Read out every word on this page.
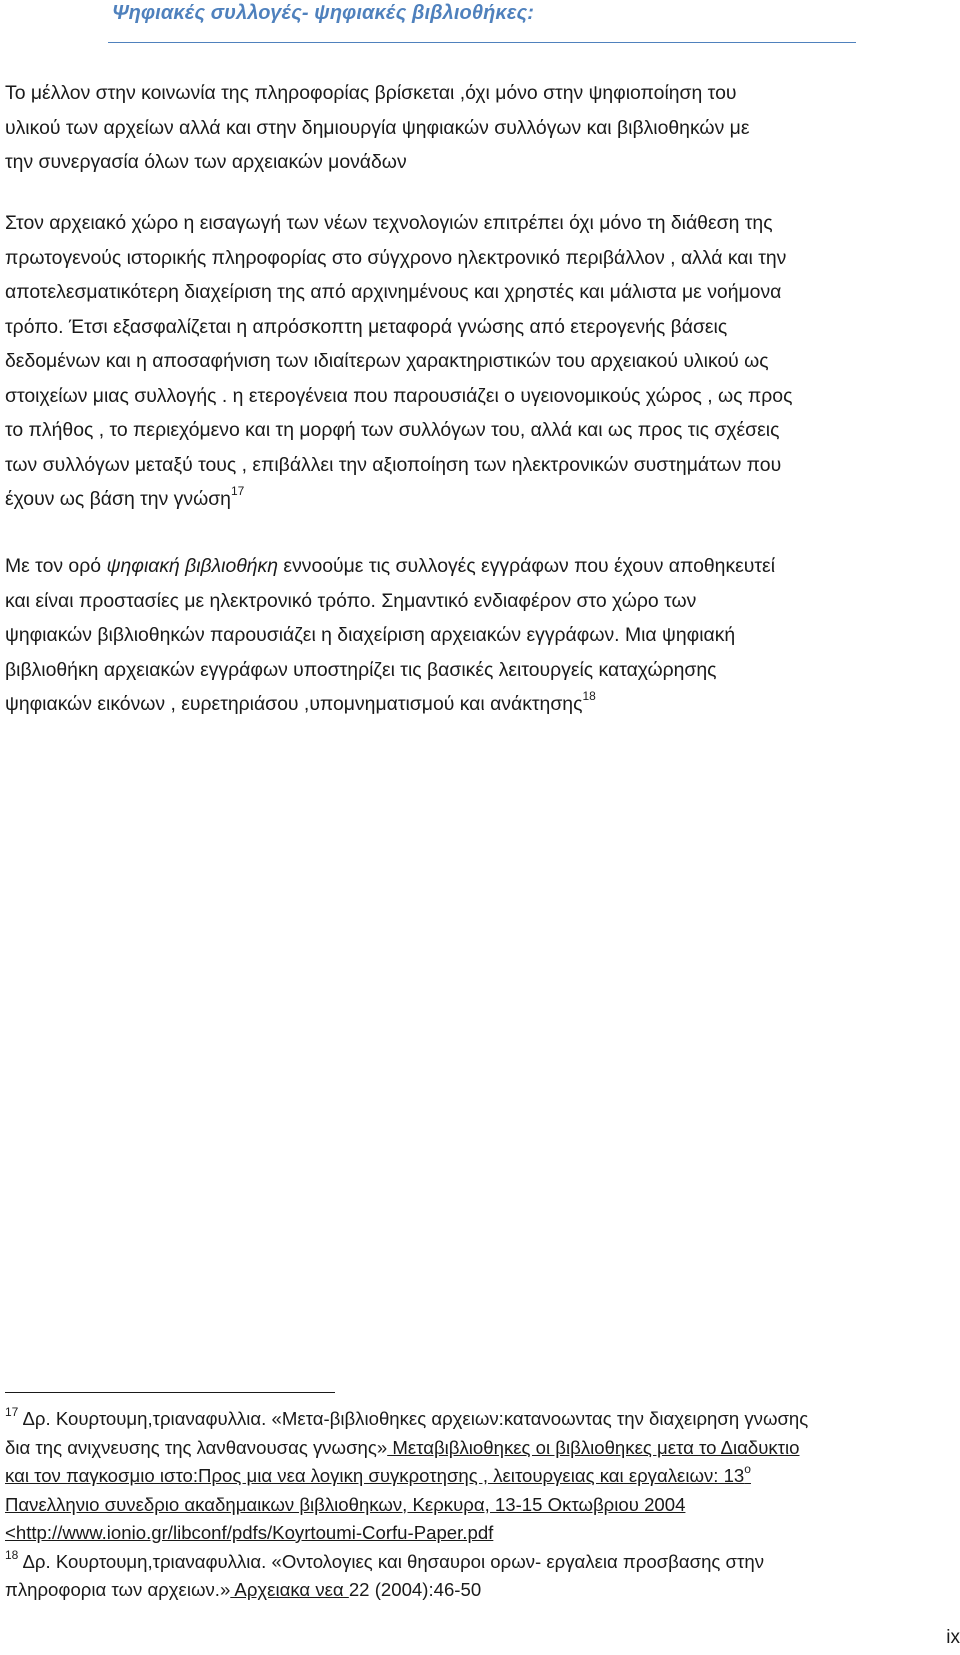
Ψηφιακές συλλογές- ψηφιακές βιβλιοθήκες:
Το μέλλον στην κοινωνία της πληροφορίας βρίσκεται ,όχι μόνο στην ψηφιοποίηση του
υλικού των αρχείων αλλά και στην δημιουργία ψηφιακών συλλόγων και βιβλιοθηκών με
την συνεργασία όλων των αρχειακών μονάδων
Στον αρχειακό χώρο η εισαγωγή των νέων τεχνολογιών επιτρέπει όχι μόνο τη διάθεση της
πρωτογενούς ιστορικής πληροφορίας στο σύγχρονο ηλεκτρονικό περιβάλλον , αλλά και την
αποτελεσματικότερη διαχείριση της από αρχινημένους και χρηστές και μάλιστα με νοήμονα
τρόπο. Έτσι εξασφαλίζεται η απρόσκοπτη μεταφορά γνώσης από ετερογενής βάσεις
δεδομένων και η αποσαφήνιση των ιδιαίτερων χαρακτηριστικών του αρχειακού υλικού ως
στοιχείων μιας συλλογής . η ετερογένεια που παρουσιάζει ο υγειονομικούς χώρος , ως προς
το πλήθος , το περιεχόμενο και τη μορφή των συλλόγων του, αλλά και ως προς τις σχέσεις
των συλλόγων μεταξύ τους , επιβάλλει την αξιοποίηση των ηλεκτρονικών συστημάτων που
έχουν ως βάση την γνώση$^{17}$
Με τον ορό ψηφιακή βιβλιοθήκη εννοούμε τις συλλογές εγγράφων που έχουν αποθηκευτεί
και είναι προστασίες με ηλεκτρονικό τρόπο. Σημαντικό ενδιαφέρον στο χώρο των
ψηφιακών βιβλιοθηκών παρουσιάζει η διαχείριση αρχειακών εγγράφων. Μια ψηφιακή
βιβλιοθήκη αρχειακών εγγράφων υποστηρίζει τις βασικές λειτουργείς καταχώρησης
ψηφιακών εικόνων , ευρετηριάσου ,υπομνηματισμού και ανάκτησης$^{18}$
$^{17}$ Δρ. Κουρτουμη,τριαναφυλλια. «Μετα-βιβλιοθηκες αρχειων:κατανοωντας την διαχειρηση γνωσης
δια της ανιχνευσης της λανθανουσας γνωσης» Μεταβιβλιοθηκες οι βιβλιοθηκες μετα το Διαδυκτιο
και τον παγκοσμιο ιστο:Προς μια νεα λογικη συγκροτησης , λειτουργειας και εργαλειων: 13$^o$
Πανελληνιο συνεδριο ακαδημαικων βιβλιοθηκων, Κερκυρα, 13-15 Οκτωβριου 2004
<http://www.ionio.gr/libconf/pdfs/Koyrtoumi-Corfu-Paper.pdf
$^{18}$ Δρ. Κουρτουμη,τριαναφυλλια. «Οντολογιες και θησαυροι ορων- εργαλεια προσβασης στην
πληροφορια των αρχειων.» Αρχειακα νεα 22 (2004):46-50
ix
